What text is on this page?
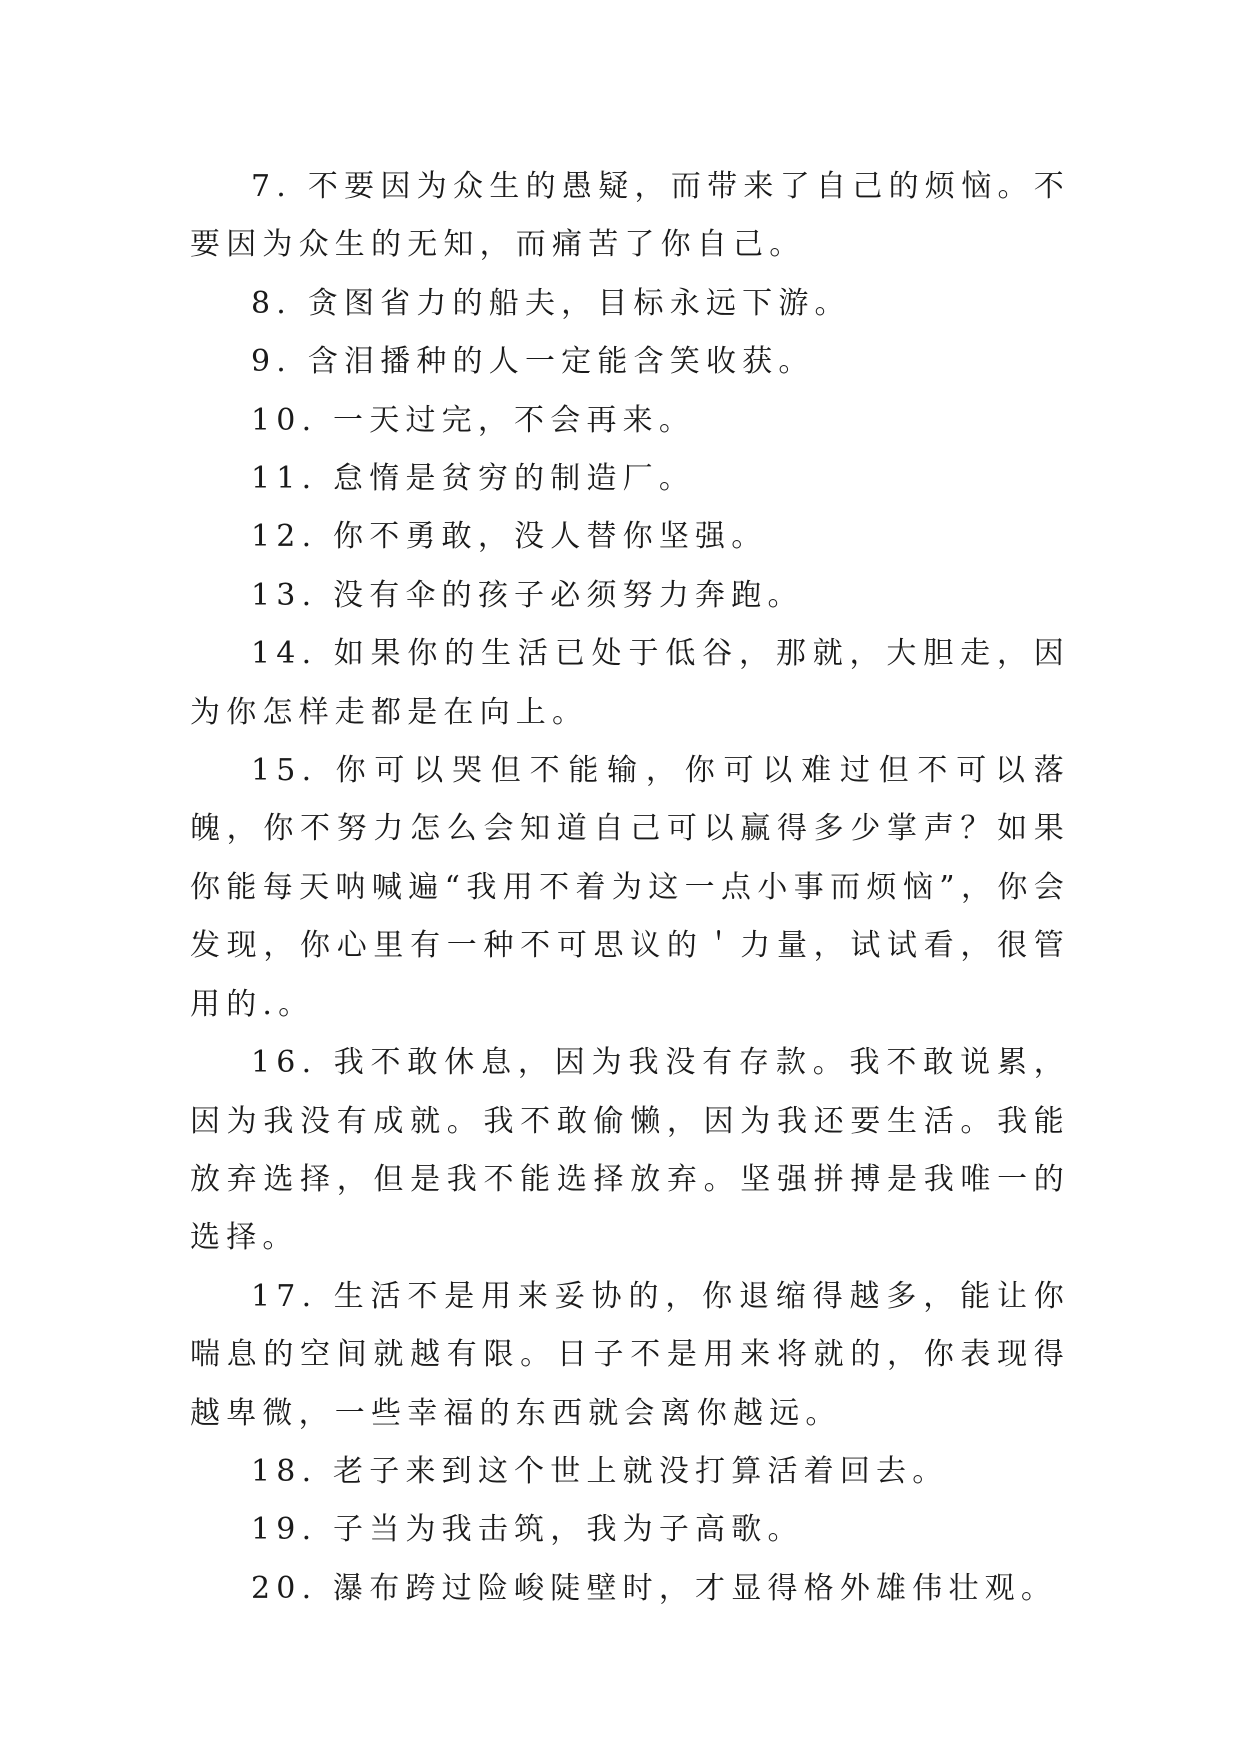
7. 不要因为众生的愚疑，而带来了自己的烦恼。不要因为众生的无知，而痛苦了你自己。

8. 贪图省力的船夫，目标永远下游。

9. 含泪播种的人一定能含笑收获。

10. 一天过完，不会再来。

11. 怠惰是贫穷的制造厂。

12. 你不勇敢，没人替你坚强。

13. 没有伞的孩子必须努力奔跑。

14. 如果你的生活已处于低谷，那就，大胆走，因为你怎样走都是在向上。

15. 你可以哭但不能输，你可以难过但不可以落魄，你不努力怎么会知道自己可以赢得多少掌声？如果你能每天呐喊遍“我用不着为这一点小事而烦恼”，你会发现，你心里有一种不可思议的＇力量，试试看，很管用的.。

16. 我不敢休息，因为我没有存款。我不敢说累，因为我没有成就。我不敢偷懒，因为我还要生活。我能放弃选择，但是我不能选择放弃。坚强拼搏是我唯一的选择。

17. 生活不是用来妥协的，你退缩得越多，能让你喘息的空间就越有限。日子不是用来将就的，你表现得越卑微，一些幸福的东西就会离你越远。

18. 老子来到这个世上就没打算活着回去。

19. 子当为我击筑，我为子高歌。

20. 瀑布跨过险峻陡壁时，才显得格外雄伟壮观。
